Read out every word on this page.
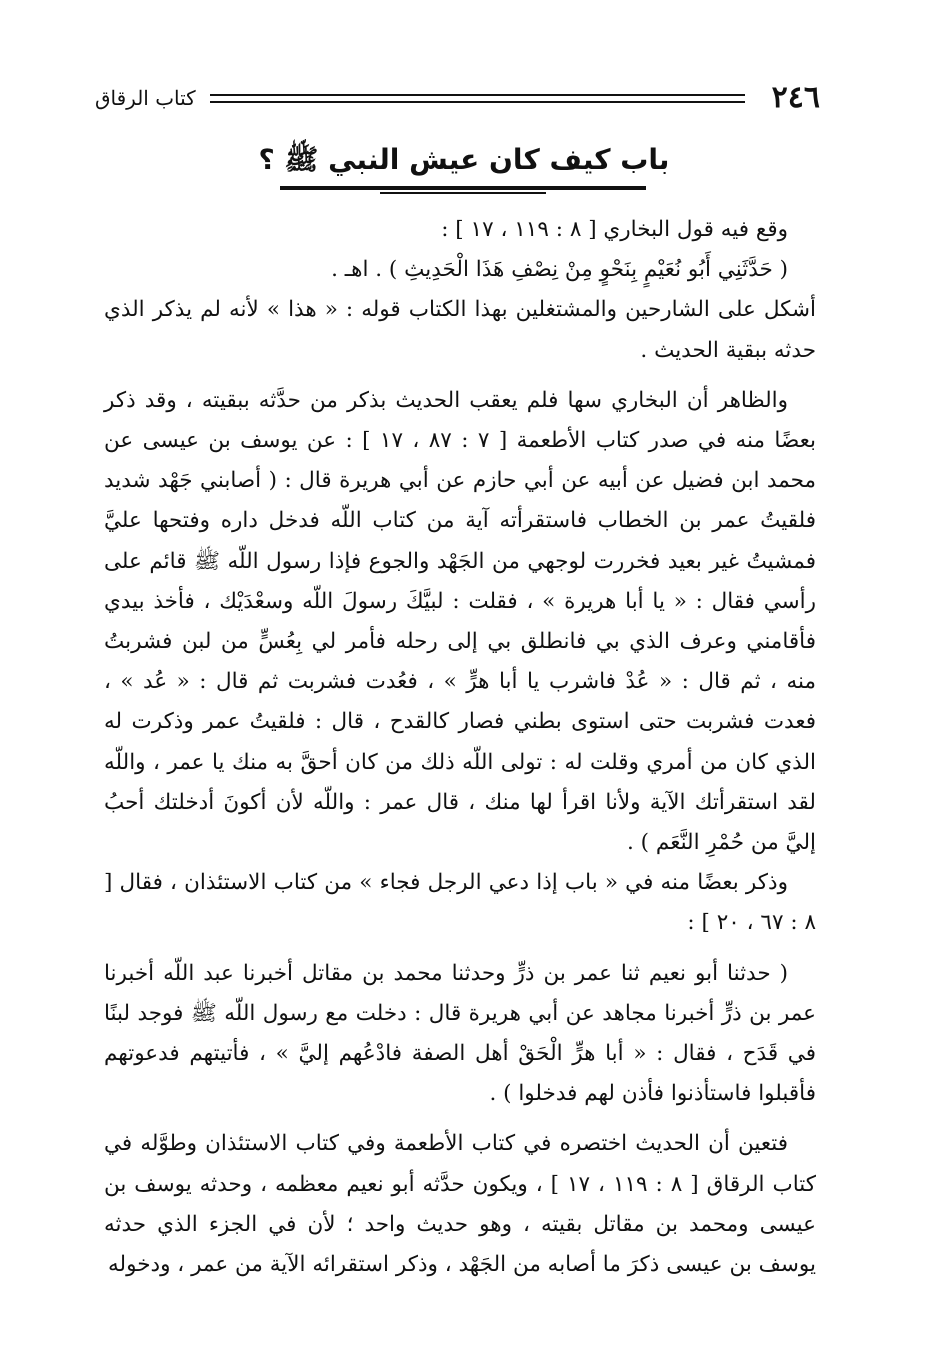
٢٤٦
كتاب الرقاق
باب كيف كان عيش النبي ﷺ ؟

وقع فيه قول البخاري [ ٨ : ١١٩ ، ١٧ ] :

( حَدَّثَنِي أَبُو نُعَيْمٍ بِنَحْوٍ مِنْ نِصْفِ هَذَا الْحَدِيثِ ) . اهـ .

أشكل على الشارحين والمشتغلين بهذا الكتاب قوله : « هذا » لأنه لم يذكر الذي حدثه ببقية الحديث .

والظاهر أن البخاري سها فلم يعقب الحديث بذكر من حدَّثه ببقيته ، وقد ذكر بعضًا منه في صدر كتاب الأطعمة [ ٧ : ٨٧ ، ١٧ ] : عن يوسف بن عيسى عن محمد ابن فضيل عن أبيه عن أبي حازم عن أبي هريرة قال : ( أصابني جَهْد شديد فلقيتُ عمر بن الخطاب فاستقرأته آية من كتاب اللّه فدخل داره وفتحها عليَّ فمشيتُ غير بعيد فخررت لوجهي من الجَهْد والجوع فإذا رسول اللّه ﷺ قائم على رأسي فقال : « يا أبا هريرة » ، فقلت : لبيَّكَ رسولَ اللّه وسعْدَيْك ، فأخذ بيدي فأقامني وعرف الذي بي فانطلق بي إلى رحله فأمر لي بِعُسٍّ من لبن فشربتُ منه ، ثم قال : « عُدْ فاشرب يا أبا هرٍّ » ، فعُدت فشربت ثم قال : « عُد » ، فعدت فشربت حتى استوى بطني فصار كالقدح ، قال : فلقيتُ عمر وذكرت له الذي كان من أمري وقلت له : تولى اللّه ذلك من كان أحقَّ به منك يا عمر ، واللّه لقد استقرأتك الآية ولأنا اقرأ لها منك ، قال عمر : واللّه لأن أكونَ أدخلتك أحبُ إليَّ من حُمْرِ النَّعَم ) .

وذكر بعضًا منه في « باب إذا دعي الرجل فجاء » من كتاب الاستئذان ، فقال [ ٨ : ٦٧ ، ٢٠ ] :

( حدثنا أبو نعيم ثنا عمر بن ذرٍّ وحدثنا محمد بن مقاتل أخبرنا عبد اللّه أخبرنا عمر بن ذرٍّ أخبرنا مجاهد عن أبي هريرة قال : دخلت مع رسول اللّه ﷺ فوجد لبنًا في قَدَح ، فقال : « أبا هرٍّ الْحَقْ أهل الصفة فادْعُهم إليَّ » ، فأتيتهم فدعوتهم فأقبلوا فاستأذنوا فأذن لهم فدخلوا ) .

فتعين أن الحديث اختصره في كتاب الأطعمة وفي كتاب الاستئذان وطوَّله في كتاب الرقاق [ ٨ : ١١٩ ، ١٧ ] ، ويكون حدَّثه أبو نعيم معظمه ، وحدثه يوسف بن عيسى ومحمد بن مقاتل بقيته ، وهو حديث واحد ؛ لأن في الجزء الذي حدثه يوسف بن عيسى ذكرَ ما أصابه من الجَهْد ، وذكر استقرائه الآية من عمر ، ودخوله
